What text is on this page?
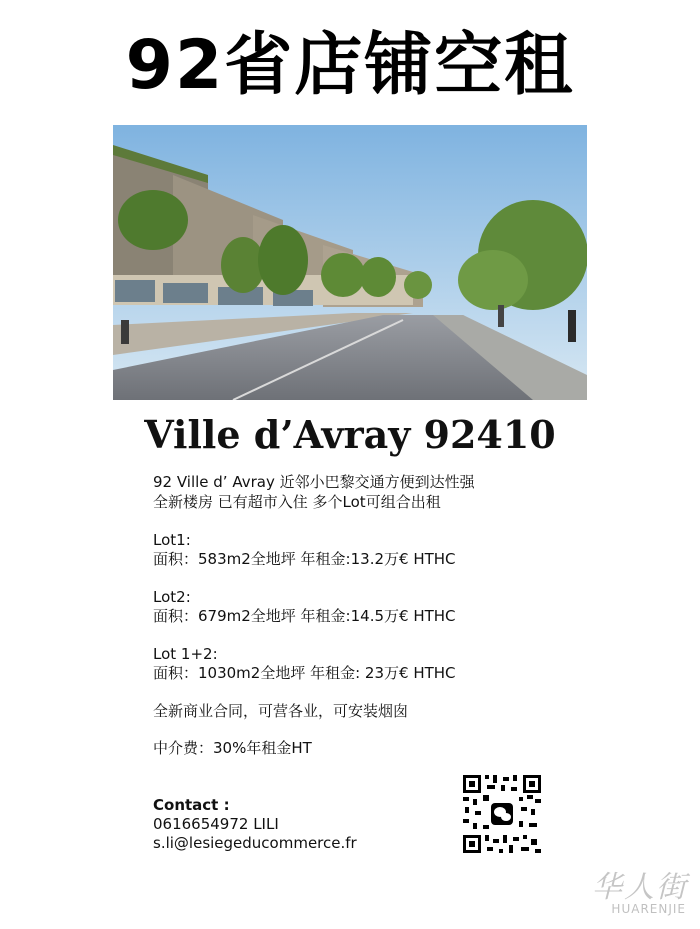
92省店铺空租
Ville d’Avray 92410
92 Ville d’ Avray 近邻小巴黎交通方便到达性强
全新楼房 已有超市入住 多个Lot可组合出租
Lot1:
面积：583m2全地坪 年租金:13.2万€ HTHC
Lot2:
面积：679m2全地坪 年租金:14.5万€ HTHC
Lot 1+2:
面积：1030m2全地坪 年租金: 23万€ HTHC
全新商业合同，可营各业，可安装烟囱
中介费：30%年租金HT
Contact :
0616654972 LILI
s.li@lesiegeducommerce.fr
华人街
HUARENJIE
